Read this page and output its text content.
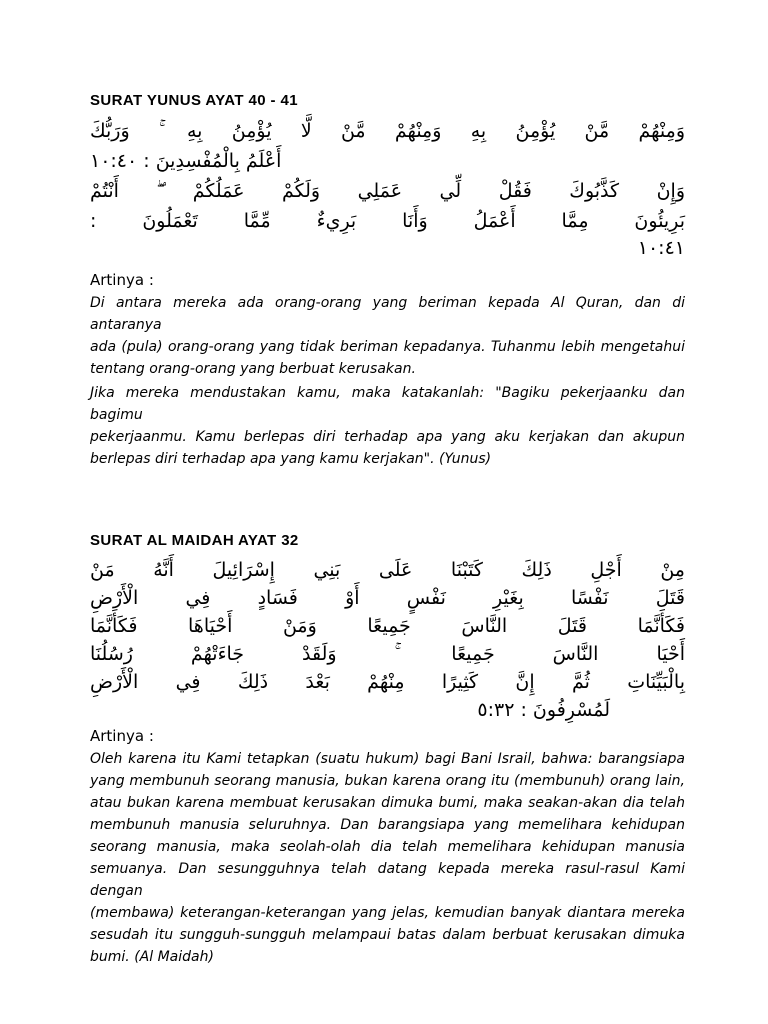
SURAT YUNUS AYAT 40 - 41
وَمِنْهُمْ مَّنْ يُؤْمِنُ بِهِ وَمِنْهُمْ مَّنْ لَّا يُؤْمِنُ بِهِ ۚ وَرَبُّكَ
أَعْلَمُ بِالْمُفْسِدِينَ : ١٠:٤٠
وَإِنْ كَذَّبُوكَ فَقُلْ لِّي عَمَلِي وَلَكُمْ عَمَلُكُمْ ۖ أَنْتُمْ
بَرِيئُونَ مِمَّا أَعْمَلُ وَأَنَا بَرِيءٌ مِّمَّا تَعْمَلُونَ :
١٠:٤١
Artinya :
Di antara mereka ada orang-orang yang beriman kepada Al Quran, dan di antaranya
ada (pula) orang-orang yang tidak beriman kepadanya. Tuhanmu lebih mengetahui
tentang orang-orang yang berbuat kerusakan.
Jika mereka mendustakan kamu, maka katakanlah: "Bagiku pekerjaanku dan bagimu
pekerjaanmu. Kamu berlepas diri terhadap apa yang aku kerjakan dan akupun
berlepas diri terhadap apa yang kamu kerjakan". (Yunus)
SURAT AL MAIDAH AYAT 32
مِنْ أَجْلِ ذَلِكَ كَتَبْنَا عَلَى بَنِي إِسْرَائِيلَ أَنَّهُ مَنْ
قَتَلَ نَفْسًا بِغَيْرِ نَفْسٍ أَوْ فَسَادٍ فِي الْأَرْضِ
فَكَأَنَّمَا قَتَلَ النَّاسَ جَمِيعًا وَمَنْ أَحْيَاهَا فَكَأَنَّمَا
أَحْيَا النَّاسَ جَمِيعًا ۚ وَلَقَدْ جَاءَتْهُمْ رُسُلُنَا
بِالْبَيِّنَاتِ ثُمَّ إِنَّ كَثِيرًا مِنْهُمْ بَعْدَ ذَلِكَ فِي الْأَرْضِ
لَمُسْرِفُونَ : ٥:٣٢
Artinya :
Oleh karena itu Kami tetapkan (suatu hukum) bagi Bani Israil, bahwa: barangsiapa
yang membunuh seorang manusia, bukan karena orang itu (membunuh) orang lain,
atau bukan karena membuat kerusakan dimuka bumi, maka seakan-akan dia telah
membunuh manusia seluruhnya. Dan barangsiapa yang memelihara kehidupan
seorang manusia, maka seolah-olah dia telah memelihara kehidupan manusia
semuanya. Dan sesungguhnya telah datang kepada mereka rasul-rasul Kami dengan
(membawa) keterangan-keterangan yang jelas, kemudian banyak diantara mereka
sesudah itu sungguh-sungguh melampaui batas dalam berbuat kerusakan dimuka
bumi. (Al Maidah)
